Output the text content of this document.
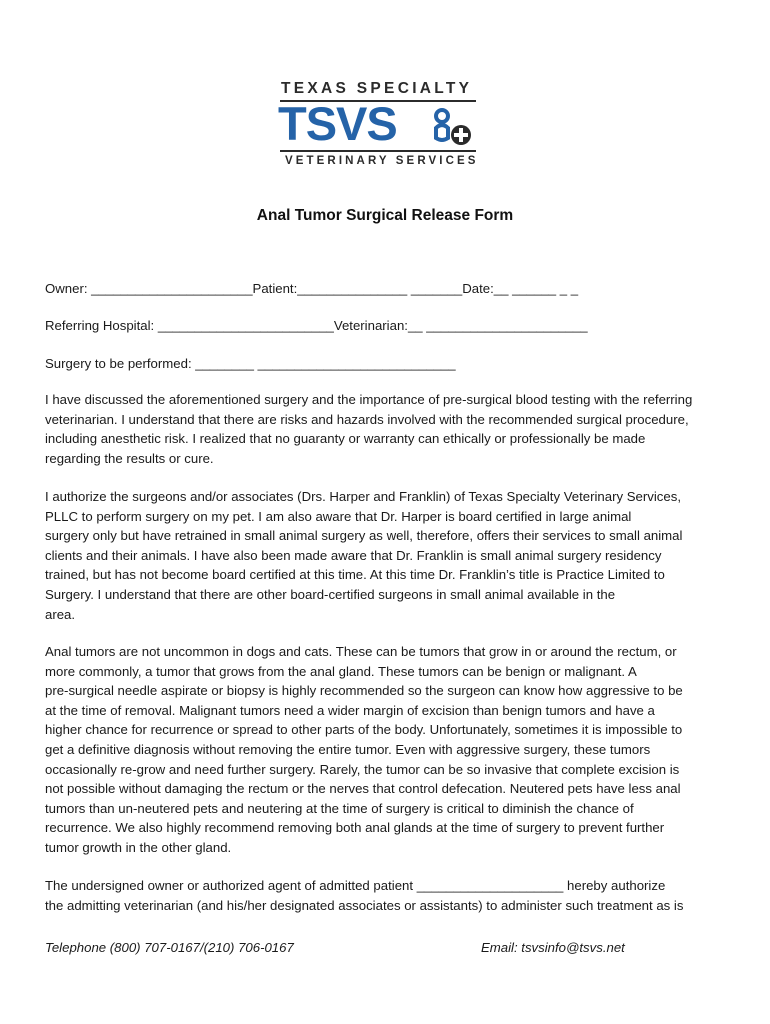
TEXAS SPECIALTY
TSVS
VETERINARY SERVICES
Anal Tumor Surgical Release Form
Owner: ______________________Patient:_______________ _______Date:__ ______ _ _
Referring Hospital: ________________________Veterinarian:__ ______________________
Surgery to be performed: ________ ___________________________
I have discussed the aforementioned surgery and the importance of pre-surgical blood testing with the referring
veterinarian. I understand that there are risks and hazards involved with the recommended surgical procedure,
including anesthetic risk. I realized that no guaranty or warranty can ethically or professionally be made
regarding the results or cure.
I authorize the surgeons and/or associates (Drs. Harper and Franklin) of Texas Specialty Veterinary Services,
PLLC to perform surgery on my pet. I am also aware that Dr. Harper is board certified in large animal
surgery only but have retrained in small animal surgery as well, therefore, offers their services to small animal
clients and their animals. I have also been made aware that Dr. Franklin is small animal surgery residency
trained, but has not become board certified at this time. At this time Dr. Franklin’s title is Practice Limited to
Surgery. I understand that there are other board-certified surgeons in small animal available in the
area.
Anal tumors are not uncommon in dogs and cats. These can be tumors that grow in or around the rectum, or
more commonly, a tumor that grows from the anal gland. These tumors can be benign or malignant. A
pre-surgical needle aspirate or biopsy is highly recommended so the surgeon can know how aggressive to be
at the time of removal. Malignant tumors need a wider margin of excision than benign tumors and have a
higher chance for recurrence or spread to other parts of the body. Unfortunately, sometimes it is impossible to
get a definitive diagnosis without removing the entire tumor. Even with aggressive surgery, these tumors
occasionally re-grow and need further surgery. Rarely, the tumor can be so invasive that complete excision is
not possible without damaging the rectum or the nerves that control defecation. Neutered pets have less anal
tumors than un-neutered pets and neutering at the time of surgery is critical to diminish the chance of
recurrence. We also highly recommend removing both anal glands at the time of surgery to prevent further
tumor growth in the other gland.
The undersigned owner or authorized agent of admitted patient ____________________ hereby authorize
the admitting veterinarian (and his/her designated associates or assistants) to administer such treatment as is
Telephone (800) 707-0167/(210) 706-0167	Email: tsvsinfo@tsvs.net
